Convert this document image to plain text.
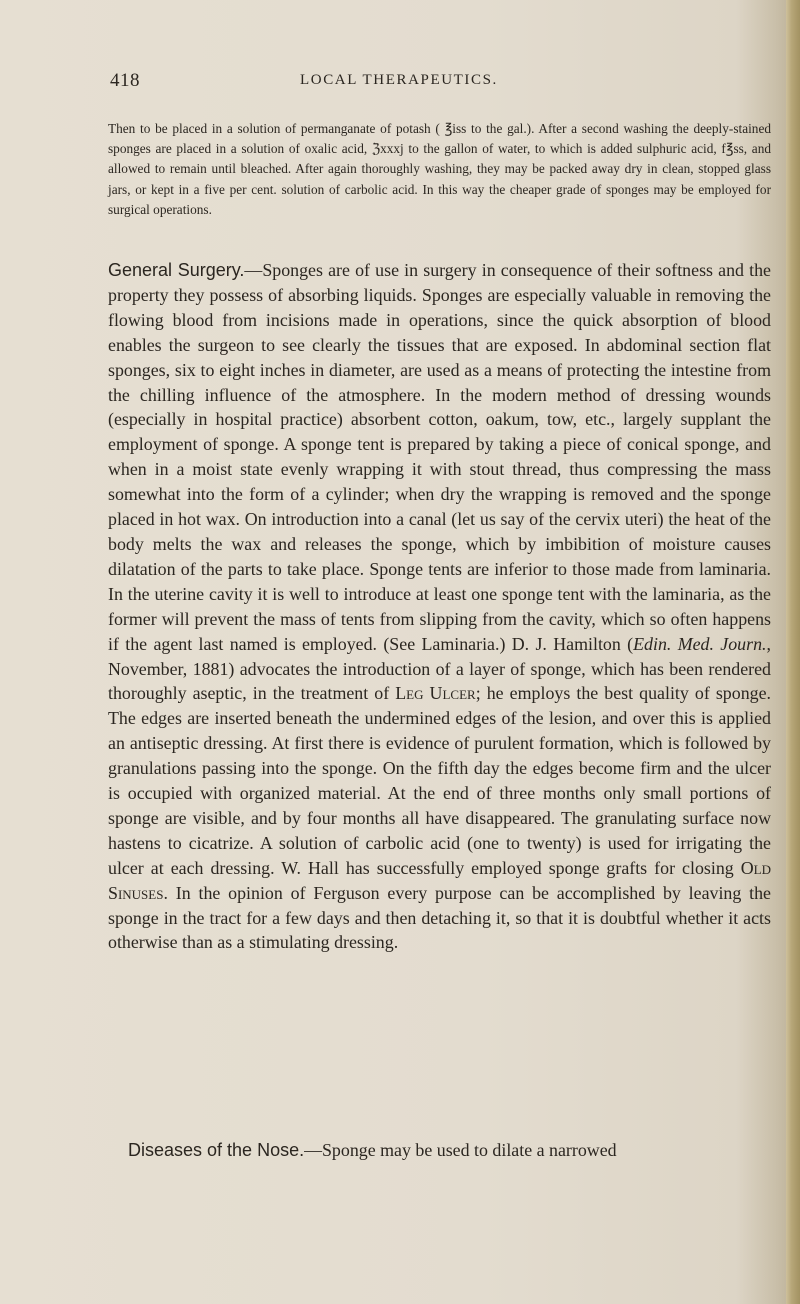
418	LOCAL THERAPEUTICS.

Then to be placed in a solution of permanganate of potash ( ℥iss to the gal.). After a second washing the deeply-stained sponges are placed in a solution of oxalic acid, ℨxxxj to the gallon of water, to which is added sulphuric acid, f℥ss, and allowed to remain until bleached. After again thoroughly washing, they may be packed away dry in clean, stopped glass jars, or kept in a five per cent. solution of carbolic acid. In this way the cheaper grade of sponges may be employed for surgical operations.

General Surgery.—Sponges are of use in surgery in consequence of their softness and the property they possess of absorbing liquids. Sponges are especially valuable in removing the flowing blood from incisions made in operations, since the quick absorption of blood enables the surgeon to see clearly the tissues that are exposed. In abdominal section flat sponges, six to eight inches in diameter, are used as a means of protecting the intestine from the chilling influence of the atmosphere. In the modern method of dressing wounds (especially in hospital practice) absorbent cotton, oakum, tow, etc., largely supplant the employment of sponge. A sponge tent is prepared by taking a piece of conical sponge, and when in a moist state evenly wrapping it with stout thread, thus compressing the mass somewhat into the form of a cylinder; when dry the wrapping is removed and the sponge placed in hot wax. On introduction into a canal (let us say of the cervix uteri) the heat of the body melts the wax and releases the sponge, which by imbibition of moisture causes dilatation of the parts to take place. Sponge tents are inferior to those made from laminaria. In the uterine cavity it is well to introduce at least one sponge tent with the laminaria, as the former will prevent the mass of tents from slipping from the cavity, which so often happens if the agent last named is employed. (See Laminaria.) D. J. Hamilton (Edin. Med. Journ., November, 1881) advocates the introduction of a layer of sponge, which has been rendered thoroughly aseptic, in the treatment of Leg Ulcer; he employs the best quality of sponge. The edges are inserted beneath the undermined edges of the lesion, and over this is applied an antiseptic dressing. At first there is evidence of purulent formation, which is followed by granulations passing into the sponge. On the fifth day the edges become firm and the ulcer is occupied with organized material. At the end of three months only small portions of sponge are visible, and by four months all have disappeared. The granulating surface now hastens to cicatrize. A solution of carbolic acid (one to twenty) is used for irrigating the ulcer at each dressing. W. Hall has successfully employed sponge grafts for closing Old Sinuses. In the opinion of Ferguson every purpose can be accomplished by leaving the sponge in the tract for a few days and then detaching it, so that it is doubtful whether it acts otherwise than as a stimulating dressing.

Diseases of the Nose.—Sponge may be used to dilate a narrowed
